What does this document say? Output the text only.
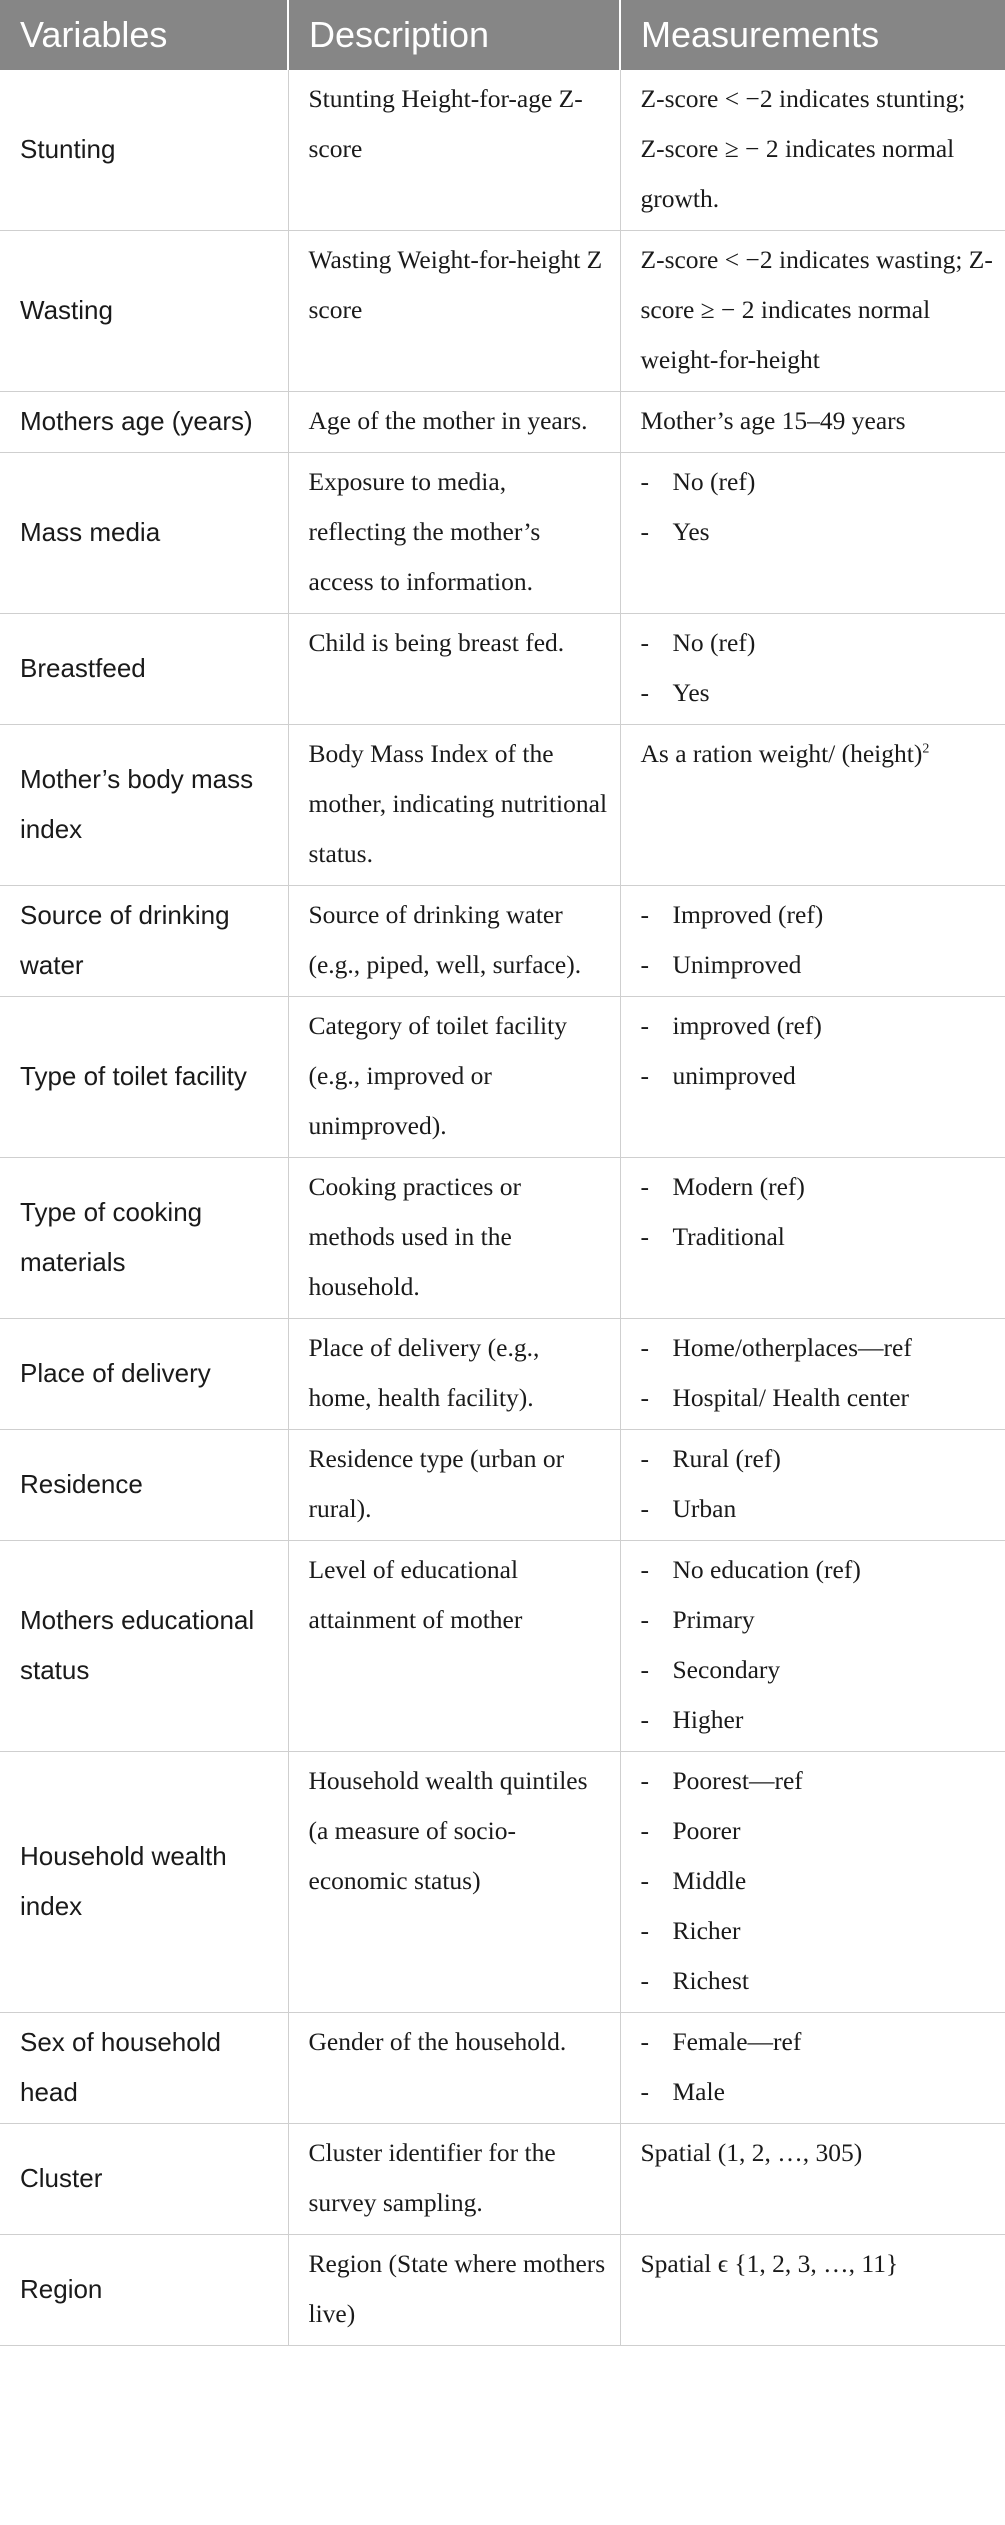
Variables	Description	Measurements
Stunting	Stunting Height-for-age Z-score	Z-score < −2 indicates stunting; Z-score ≥ − 2 indicates normal growth.
Wasting	Wasting Weight-for-height Z score	Z-score < −2 indicates wasting; Z-score ≥ − 2 indicates normal weight-for-height
Mothers age (years)	Age of the mother in years.	Mother’s age 15–49 years
Mass media	Exposure to media, reflecting the mother’s access to information.	- No (ref)
- Yes

Breastfeed	Child is being breast fed.	- No (ref)
- Yes

Mother’s body mass index	Body Mass Index of the mother, indicating nutritional status.	As a ration weight/ (height)$^2$
Source of drinking water	Source of drinking water (e.g., piped, well, surface).	- Improved (ref)
- Unimproved

Type of toilet facility	Category of toilet facility (e.g., improved or unimproved).	- improved (ref)
- unimproved

Type of cooking materials	Cooking practices or methods used in the household.	- Modern (ref)
- Traditional

Place of delivery	Place of delivery (e.g., home, health facility).	- Home/otherplaces—ref
- Hospital/ Health center

Residence	Residence type (urban or rural).	- Rural (ref)
- Urban

Mothers educational status	Level of educational attainment of mother	- No education (ref)
- Primary
- Secondary
- Higher

Household wealth index	Household wealth quintiles (a measure of socio-economic status)	- Poorest—ref
- Poorer
- Middle
- Richer
- Richest

Sex of household head	Gender of the household.	- Female—ref
- Male

Cluster	Cluster identifier for the survey sampling.	Spatial (1, 2, …, 305)
Region	Region (State where mothers live)	Spatial ϵ {1, 2, 3, …, 11}
